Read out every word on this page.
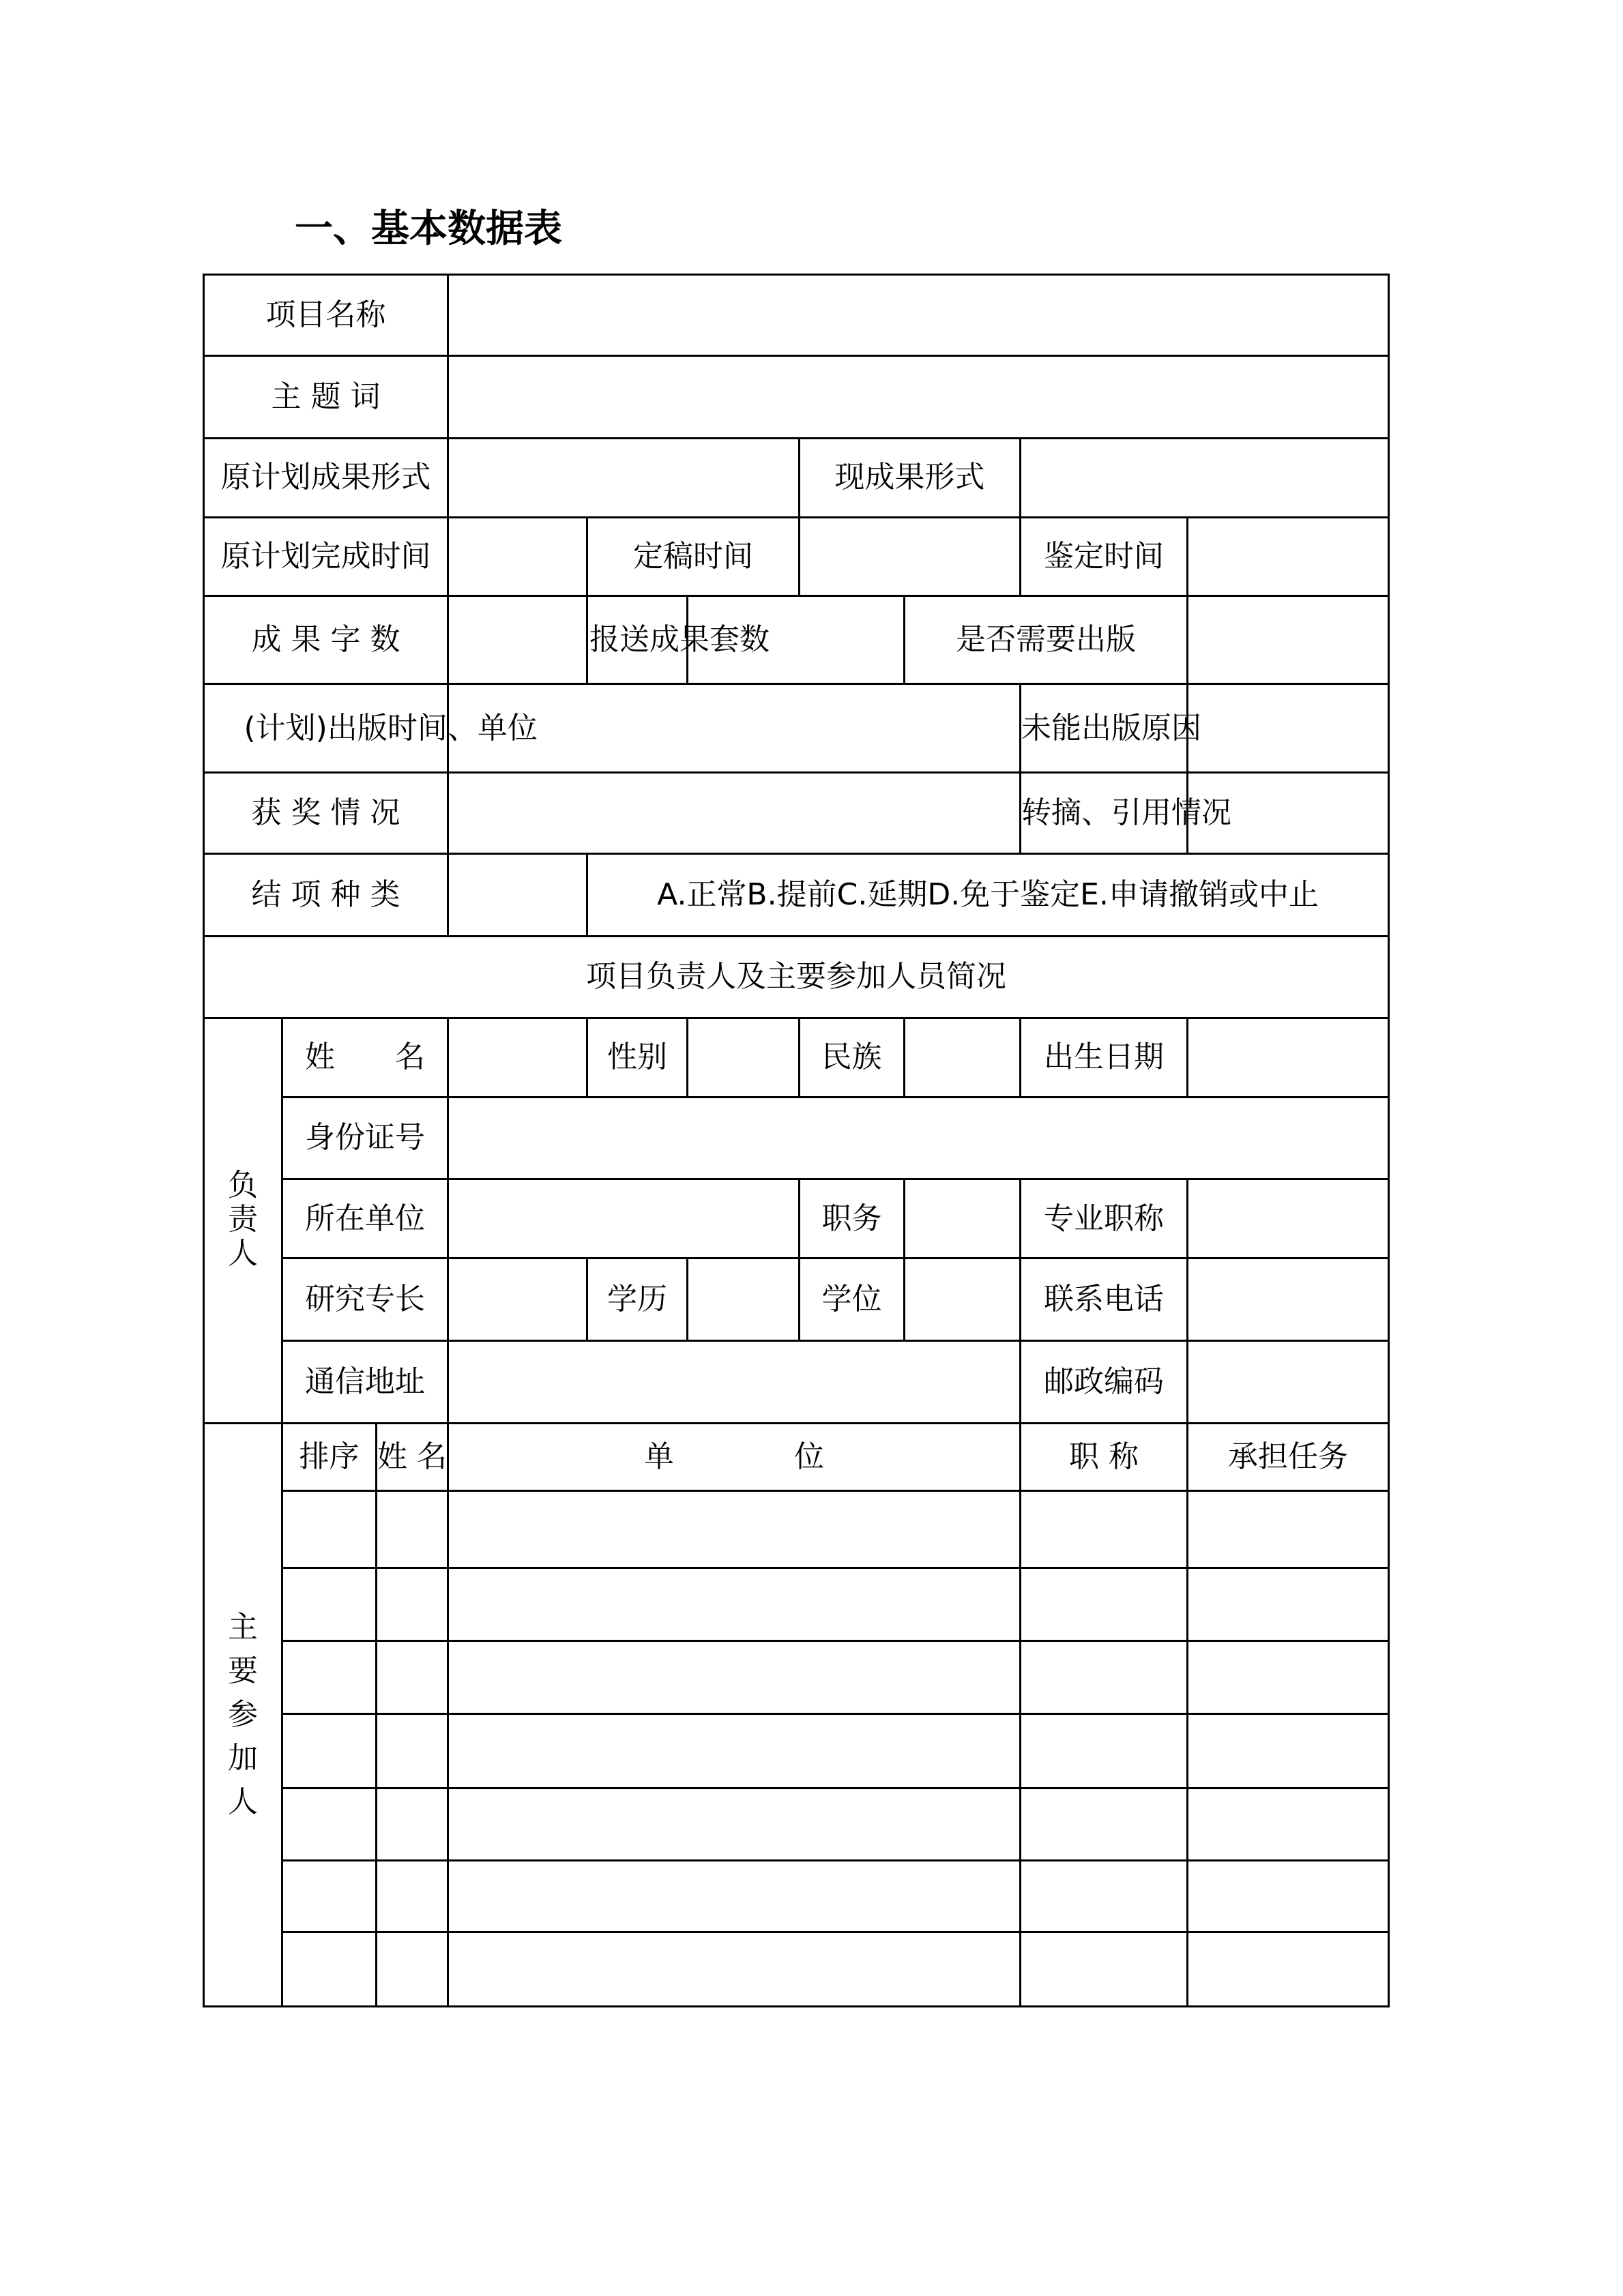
一、基本数据表
项目名称									
主 题 词									
原计划成果形式						现成果形式			
原计划完成时间				定稿时间				鉴定时间	
成 果 字 数				报送成果套数			是否需要出版		
(计划)出版时间、单位								未能出版原因	
获 奖 情 况								转摘、引用情况	
结 项 种 类				A.正常B.提前C.延期D.免于鉴定E.申请撤销或中止					
项目负责人及主要参加人员简况									
负责人	姓　　名			性别		民族		出生日期	
	身份证号								
	所在单位					职务		专业职称	
	研究专长			学历		学位		联系电话	
	通信地址							邮政编码	
主要参加人	排序	姓 名	单　　　　位					职 称	承担任务
